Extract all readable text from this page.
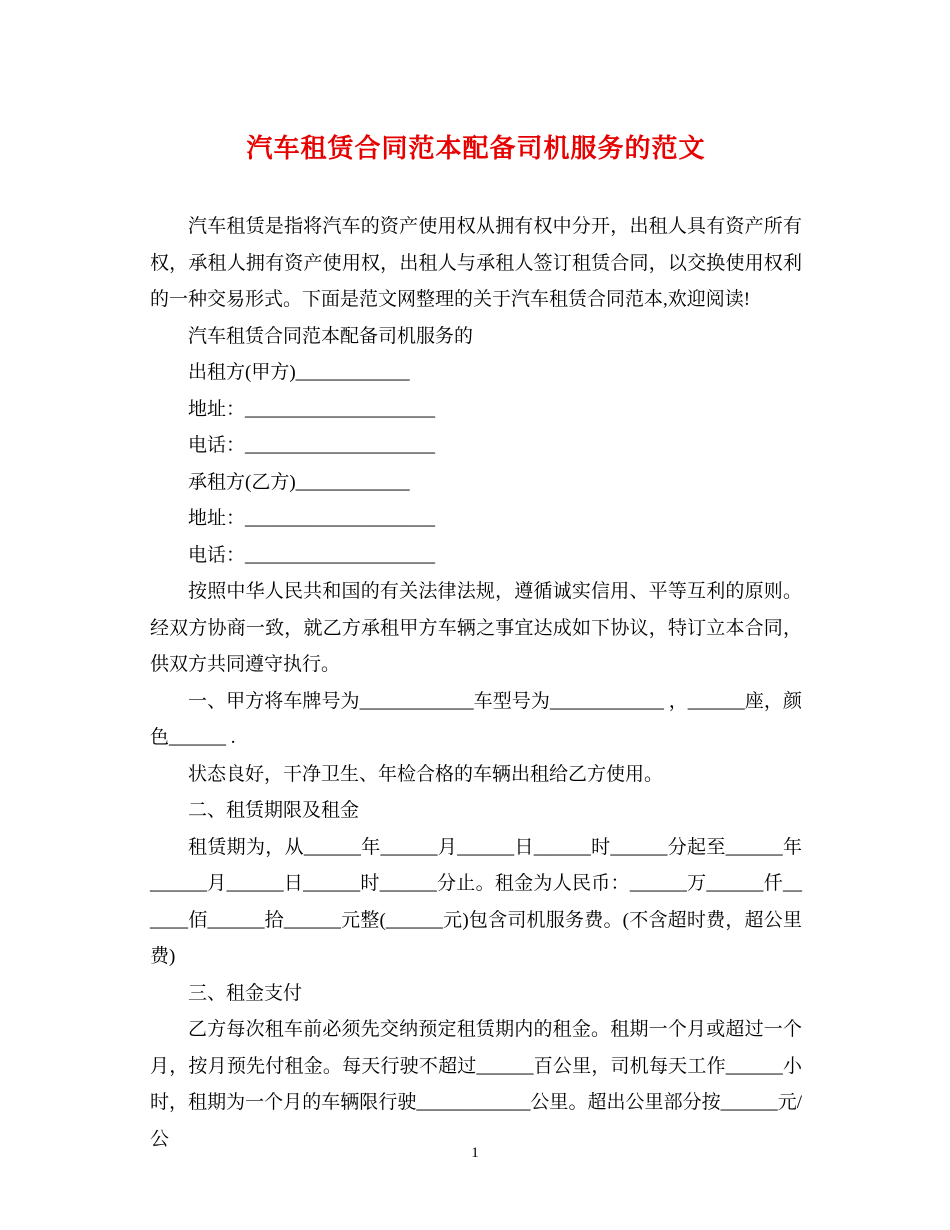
汽车租赁合同范本配备司机服务的范文

汽车租赁是指将汽车的资产使用权从拥有权中分开，出租人具有资产所有权，承租人拥有资产使用权，出租人与承租人签订租赁合同，以交换使用权利的一种交易形式。下面是范文网整理的关于汽车租赁合同范本,欢迎阅读!

汽车租赁合同范本配备司机服务的

出租方(甲方)____________

地址：____________________

电话：____________________

承租方(乙方)____________

地址：____________________

电话：____________________

按照中华人民共和国的有关法律法规，遵循诚实信用、平等互利的原则。经双方协商一致，就乙方承租甲方车辆之事宜达成如下协议，特订立本合同，供双方共同遵守执行。

一、甲方将车牌号为____________车型号为____________ ，______座，颜色______ .

状态良好，干净卫生、年检合格的车辆出租给乙方使用。

二、租赁期限及租金

租赁期为，从______年______月______日______时______分起至______年______月______日______时______分止。租金为人民币：______万______仟______佰______拾______元整(______元)包含司机服务费。(不含超时费，超公里费)

三、租金支付

乙方每次租车前必须先交纳预定租赁期内的租金。租期一个月或超过一个月，按月预先付租金。每天行驶不超过______百公里，司机每天工作______小时，租期为一个月的车辆限行驶____________公里。超出公里部分按______元/公

1
